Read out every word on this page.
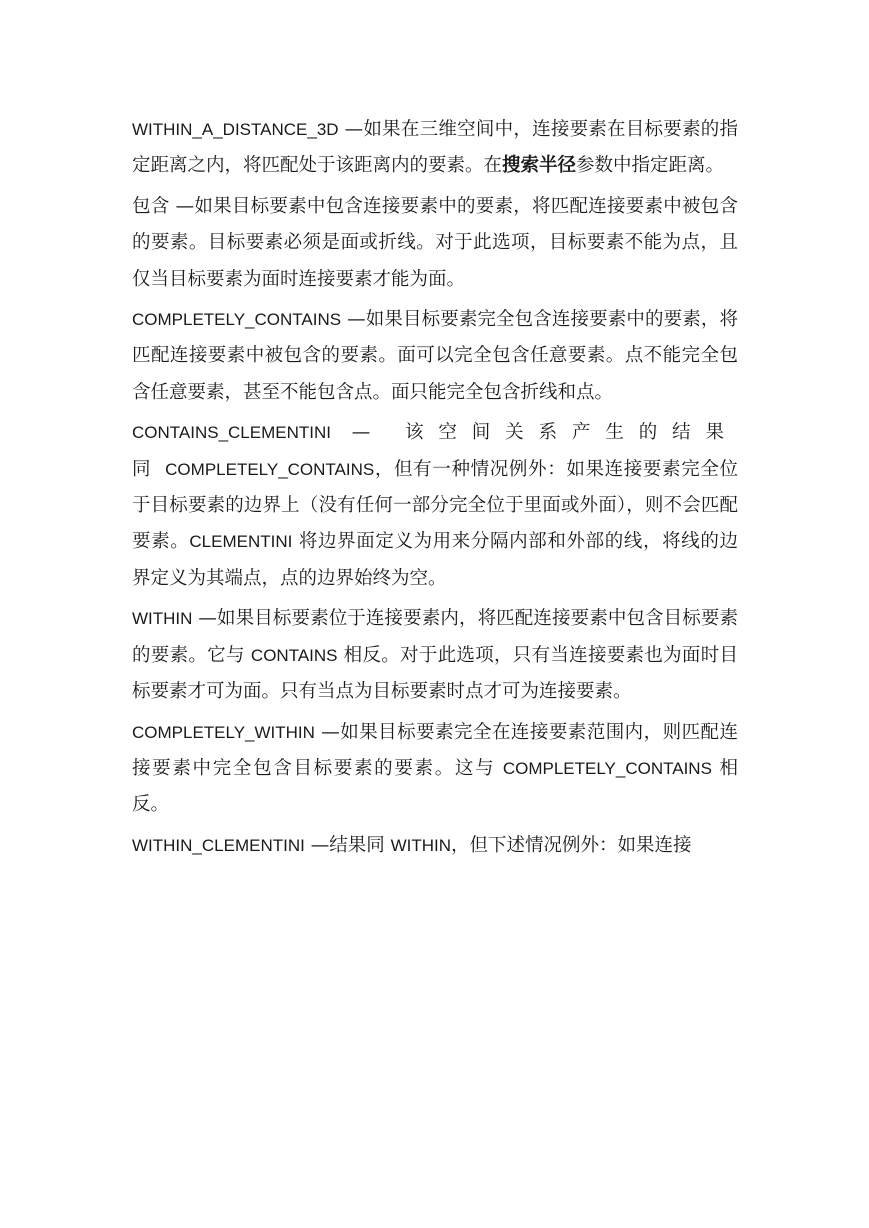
WITHIN_A_DISTANCE_3D —如果在三维空间中，连接要素在目标要素的指定距离之内，将匹配处于该距离内的要素。在搜索半径参数中指定距离。

包含 —如果目标要素中包含连接要素中的要素，将匹配连接要素中被包含的要素。目标要素必须是面或折线。对于此选项，目标要素不能为点，且仅当目标要素为面时连接要素才能为面。

COMPLETELY_CONTAINS —如果目标要素完全包含连接要素中的要素，将匹配连接要素中被包含的要素。面可以完全包含任意要素。点不能完全包含任意要素，甚至不能包含点。面只能完全包含折线和点。

CONTAINS_CLEMENTINI — 该空间关系产生的结果同COMPLETELY_CONTAINS，但有一种情况例外：如果连接要素完全位于目标要素的边界上（没有任何一部分完全位于里面或外面），则不会匹配要素。CLEMENTINI 将边界面定义为用来分隔内部和外部的线，将线的边界定义为其端点，点的边界始终为空。

WITHIN —如果目标要素位于连接要素内，将匹配连接要素中包含目标要素的要素。它与 CONTAINS 相反。对于此选项，只有当连接要素也为面时目标要素才可为面。只有当点为目标要素时点才可为连接要素。

COMPLETELY_WITHIN —如果目标要素完全在连接要素范围内，则匹配连接要素中完全包含目标要素的要素。这与 COMPLETELY_CONTAINS 相反。

WITHIN_CLEMENTINI —结果同 WITHIN，但下述情况例外：如果连接
